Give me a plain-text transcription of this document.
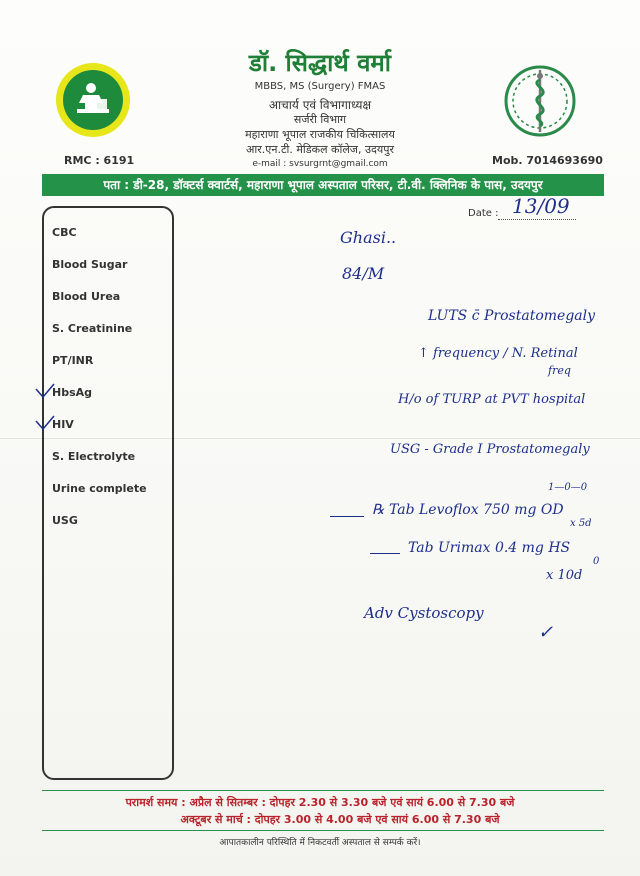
डॉ. सिद्धार्थ वर्मा
MBBS, MS (Surgery) FMAS
आचार्य एवं विभागाध्यक्ष
सर्जरी विभाग
महाराणा भूपाल राजकीय चिकित्सालय
आर.एन.टी. मेडिकल कॉलेज, उदयपुर
e-mail : svsurgrnt@gmail.com
RMC : 6191	Mob. 7014693690
पता : डी-28, डॉक्टर्स क्वार्टर्स, महाराणा भूपाल अस्पताल परिसर, टी.वी. क्लिनिक के पास, उदयपुर
Date : 13/09
CBC
Blood Sugar
Blood Urea
S. Creatinine
PT/INR
HbsAg
HIV
S. Electrolyte
Urine complete
USG
Ghasi..
84/M
LUTS c̄ Prostatomegaly
↑ frequency / N. Retinal
freq
H/o of TURP at PVT hospital
USG - Grade I Prostatomegaly
1—0—0
℞ Tab Levoflox 750 mg OD
x 5d
Tab Urimax 0.4 mg HS
0
x 10d
Adv Cystoscopy
✓
परामर्श समय : अप्रैल से सितम्बर : दोपहर 2.30 से 3.30 बजे एवं सायं 6.00 से 7.30 बजे
अक्टूबर से मार्च : दोपहर 3.00 से 4.00 बजे एवं सायं 6.00 से 7.30 बजे
आपातकालीन परिस्थिति में निकटवर्ती अस्पताल से सम्पर्क करें।
